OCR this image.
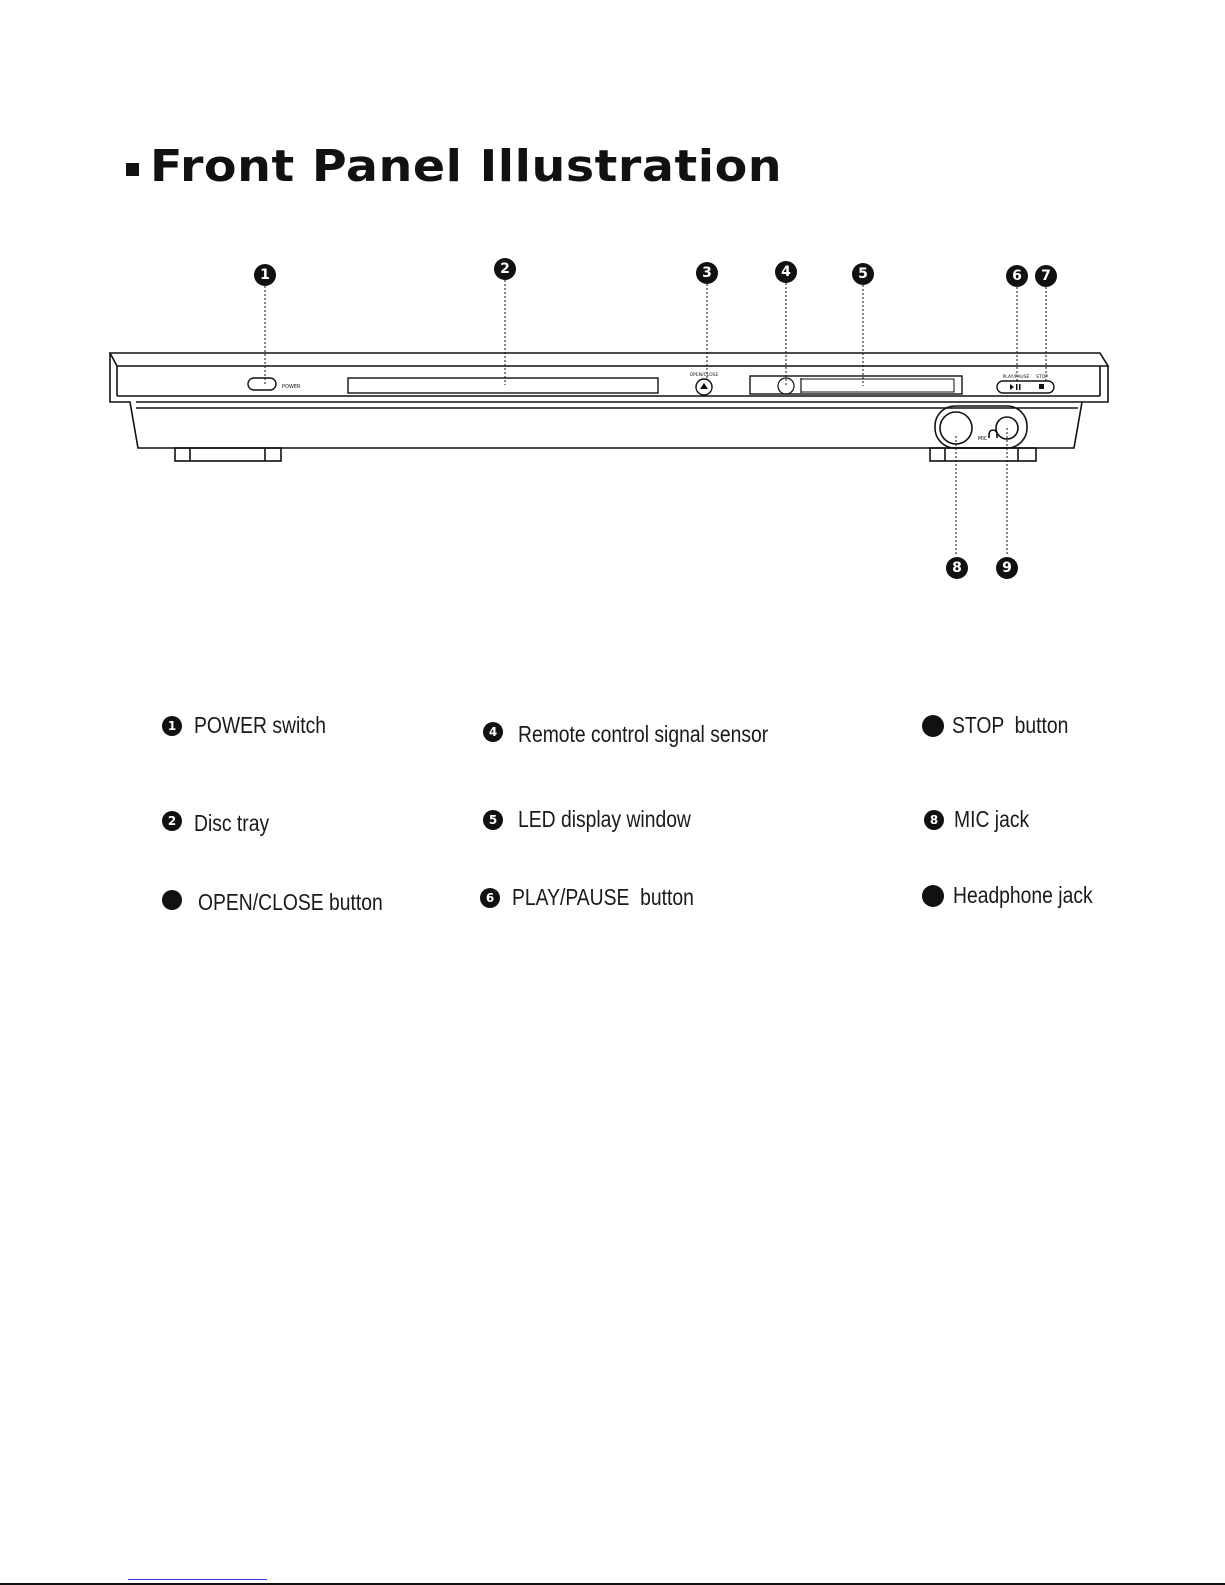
Front Panel Illustration
POWER
OPEN/CLOSE	PLAY/PAUSE STOP
MIC
1	2	3	4	5	6	7
8	9
1 POWER switch
2 Disc tray
OPEN/CLOSE button
4 Remote control signal sensor
5 LED display window
6 PLAY/PAUSE  button
STOP  button
8 MIC jack
Headphone jack
